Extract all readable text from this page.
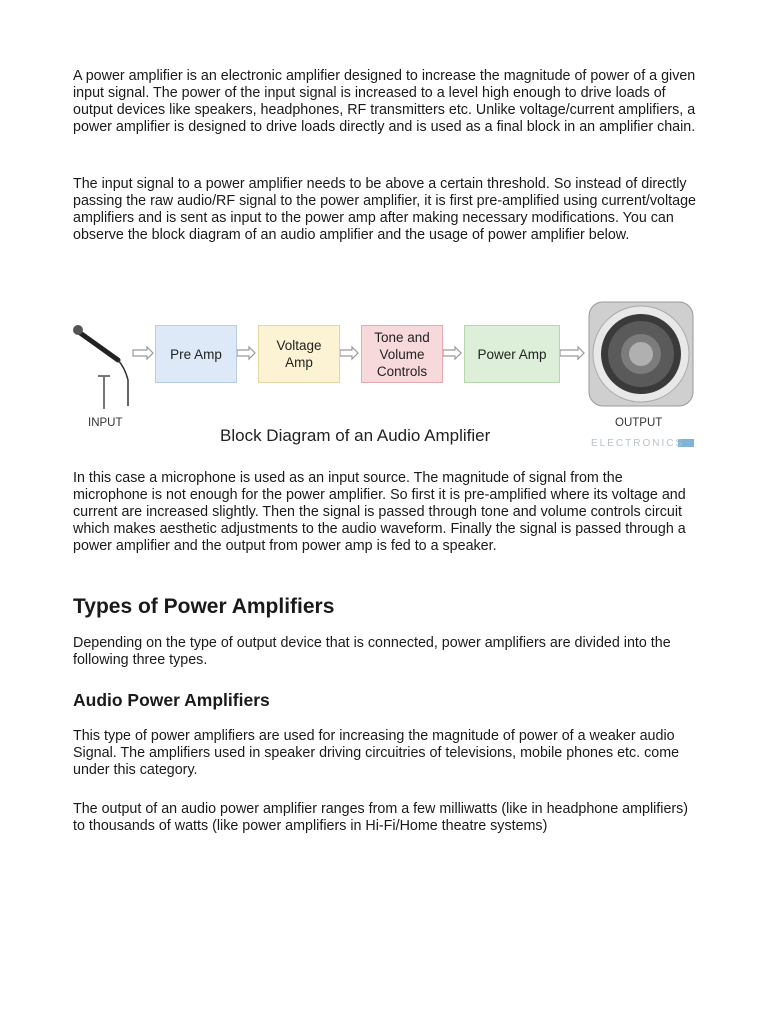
A power amplifier is an electronic amplifier designed to increase the magnitude of power of a given input signal. The power of the input signal is increased to a level high enough to drive loads of output devices like speakers, headphones, RF transmitters etc. Unlike voltage/current amplifiers, a power amplifier is designed to drive loads directly and is used as a final block in an amplifier chain.

The input signal to a power amplifier needs to be above a certain threshold. So instead of directly passing the raw audio/RF signal to the power amplifier, it is first pre-amplified using current/voltage amplifiers and is sent as input to the power amp after making necessary modifications. You can observe the block diagram of an audio amplifier and the usage of power amplifier below.

Pre Amp
Voltage
Amp
Tone and
Volume
Controls
Power Amp
INPUT	OUTPUT
Block Diagram of an Audio Amplifier	ELECTRONICS

In this case a microphone is used as an input source. The magnitude of signal from the microphone is not enough for the power amplifier. So first it is pre-amplified where its voltage and current are increased slightly. Then the signal is passed through tone and volume controls circuit which makes aesthetic adjustments to the audio waveform. Finally the signal is passed through a power amplifier and the output from power amp is fed to a speaker.

Types of Power Amplifiers

Depending on the type of output device that is connected, power amplifiers are divided into the following three types.

Audio Power Amplifiers

This type of power amplifiers are used for increasing the magnitude of power of a weaker audio Signal. The amplifiers used in speaker driving circuitries of televisions, mobile phones etc. come under this category.

The output of an audio power amplifier ranges from a few milliwatts (like in headphone amplifiers) to thousands of watts (like power amplifiers in Hi-Fi/Home theatre systems)
